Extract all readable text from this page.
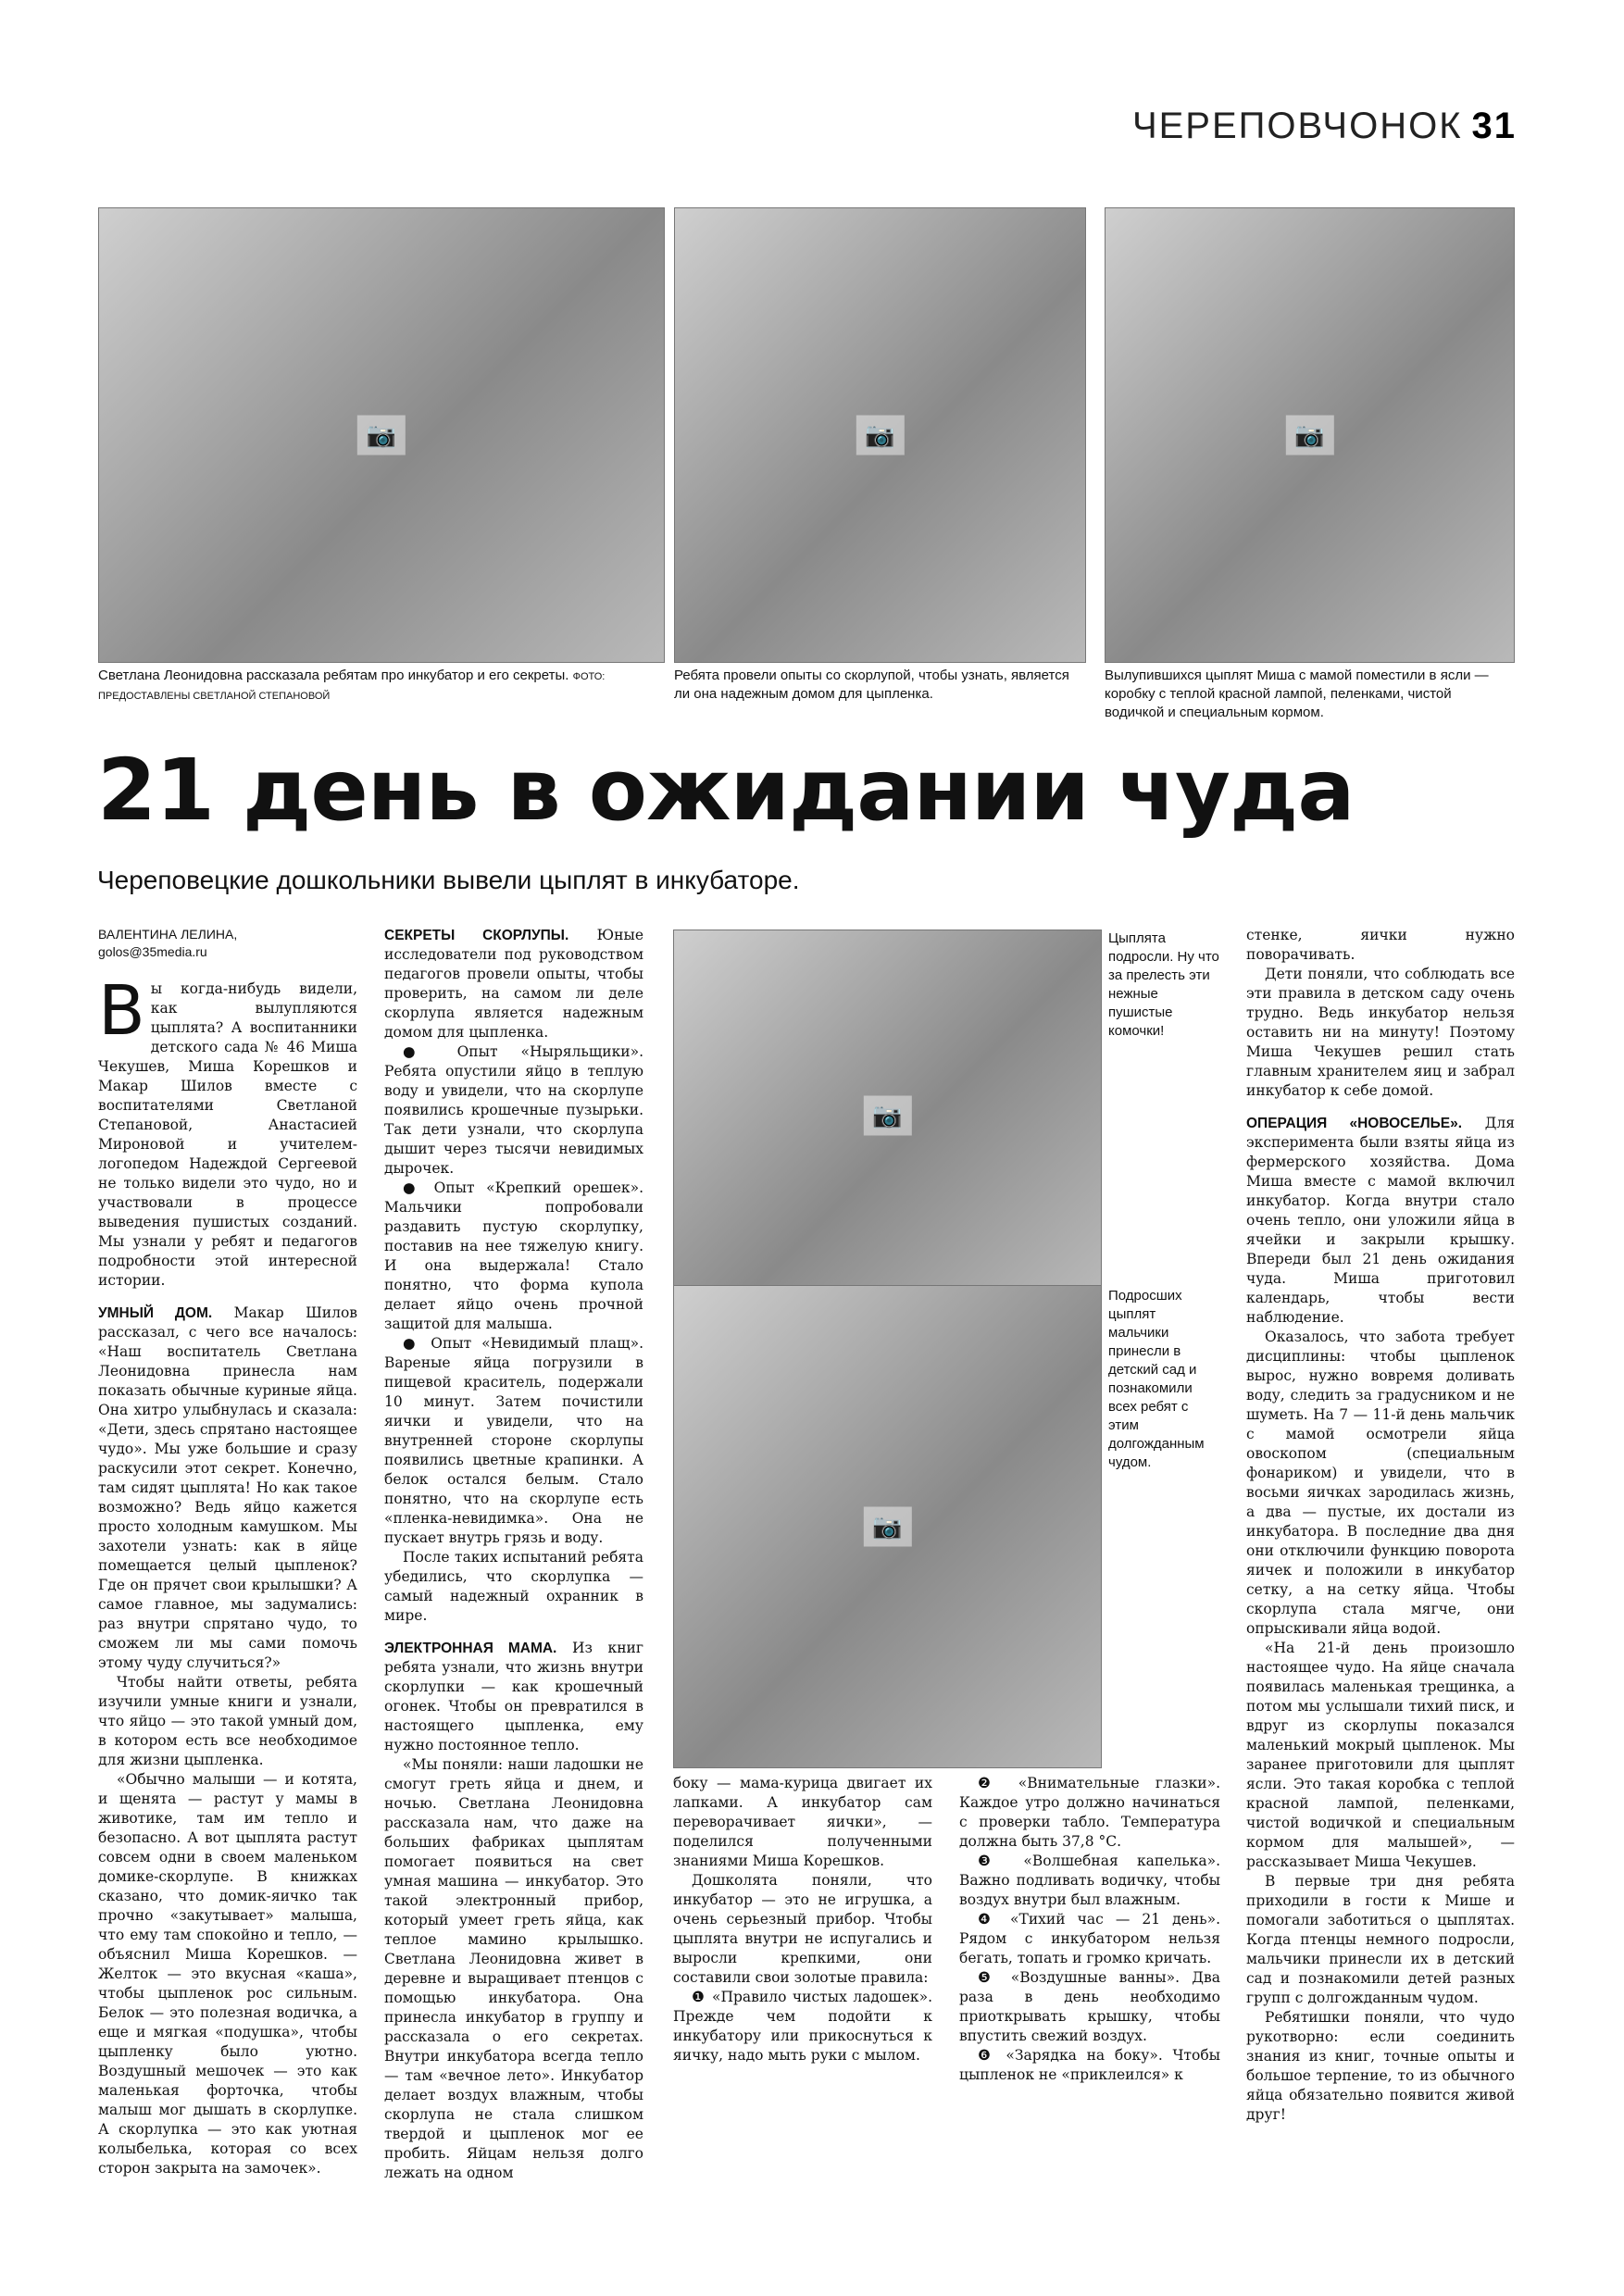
ЧЕРЕПОВЧОНОК 31
📷	📷	📷
Светлана Леонидовна рассказала ребятам про инкубатор и его секреты. ФОТО: ПРЕДОСТАВЛЕНЫ СВЕТЛАНОЙ СТЕПАНОВОЙ
Ребята провели опыты со скорлупой, чтобы узнать, является ли она надежным домом для цыпленка.
Вылупившихся цыплят Миша с мамой поместили в ясли — коробку с теплой красной лампой, пеленками, чистой водичкой и специальным кормом.
21 день в ожидании чуда
Череповецкие дошкольники вывели цыплят в инкубаторе.
ВАЛЕНТИНА ЛЕЛИНА,
golos@35media.ru

Вы когда-нибудь видели, как вылупляются цыплята? А воспитанники детского сада № 46 Миша Чекушев, Миша Корешков и Макар Шилов вместе с воспитателями Светланой Степановой, Анастасией Мироновой и учителем-логопедом Надеждой Сергеевой не только видели это чудо, но и участвовали в процессе выведения пушистых созданий. Мы узнали у ребят и педагогов подробности этой интересной истории.

УМНЫЙ ДОМ. Макар Шилов рассказал, с чего все началось: «Наш воспитатель Светлана Леонидовна принесла нам показать обычные куриные яйца. Она хитро улыбнулась и сказала: «Дети, здесь спрятано настоящее чудо». Мы уже большие и сразу раскусили этот секрет. Конечно, там сидят цыплята! Но как такое возможно? Ведь яйцо кажется просто холодным камушком. Мы захотели узнать: как в яйце помещается целый цыпленок? Где он прячет свои крылышки? А самое главное, мы задумались: раз внутри спрятано чудо, то сможем ли мы сами помочь этому чуду случиться?»

Чтобы найти ответы, ребята изучили умные книги и узнали, что яйцо — это такой умный дом, в котором есть все необходимое для жизни цыпленка.

«Обычно малыши — и котята, и щенята — растут у мамы в животике, там им тепло и безопасно. А вот цыплята растут совсем одни в своем маленьком домике-скорлупе. В книжках сказано, что домик-яичко так прочно «закутывает» малыша, что ему там спокойно и тепло, — объяснил Миша Корешков. — Желток — это вкусная «каша», чтобы цыпленок рос сильным. Белок — это полезная водичка, а еще и мягкая «подушка», чтобы цыпленку было уютно. Воздушный мешочек — это как маленькая форточка, чтобы малыш мог дышать в скорлупке. А скорлупка — это как уютная колыбелька, которая со всех сторон закрыта на замочек».

СЕКРЕТЫ СКОРЛУПЫ. Юные исследователи под руководством педагогов провели опыты, чтобы проверить, на самом ли деле скорлупа является надежным домом для цыпленка.

● Опыт «Ныряльщики». Ребята опустили яйцо в теплую воду и увидели, что на скорлупе появились крошечные пузырьки. Так дети узнали, что скорлупа дышит через тысячи невидимых дырочек.

● Опыт «Крепкий орешек». Мальчики попробовали раздавить пустую скорлупку, поставив на нее тяжелую книгу. И она выдержала! Стало понятно, что форма купола делает яйцо очень прочной защитой для малыша.

● Опыт «Невидимый плащ». Вареные яйца погрузили в пищевой краситель, подержали 10 минут. Затем почистили яички и увидели, что на внутренней стороне скорлупы появились цветные крапинки. А белок остался белым. Стало понятно, что на скорлупе есть «пленка-невидимка». Она не пускает внутрь грязь и воду.

После таких испытаний ребята убедились, что скорлупка — самый надежный охранник в мире.

ЭЛЕКТРОННАЯ МАМА. Из книг ребята узнали, что жизнь внутри скорлупки — как крошечный огонек. Чтобы он превратился в настоящего цыпленка, ему нужно постоянное тепло.

«Мы поняли: наши ладошки не смогут греть яйца и днем, и ночью. Светлана Леонидовна рассказала нам, что даже на больших фабриках цыплятам помогает появиться на свет умная машина — инкубатор. Это такой электронный прибор, который умеет греть яйца, как теплое мамино крылышко. Светлана Леонидовна живет в деревне и выращивает птенцов с помощью инкубатора. Она принесла инкубатор в группу и рассказала о его секретах. Внутри инкубатора всегда тепло — там «вечное лето». Инкубатор делает воздух влажным, чтобы скорлупа не стала слишком твердой и цыпленок мог ее пробить. Яйцам нельзя долго лежать на одном

📷
Цыплята подросли. Ну что за прелесть эти нежные пушистые комочки!
📷
Подросших цыплят мальчики принесли в детский сад и познакомили всех ребят с этим долгожданным чудом.

боку — мама-курица двигает их лапками. А инкубатор сам переворачивает яички», — поделился полученными знаниями Миша Корешков.

Дошколята поняли, что инкубатор — это не игрушка, а очень серьезный прибор. Чтобы цыплята внутри не испугались и выросли крепкими, они составили свои золотые правила:

❶ «Правило чистых ладошек». Прежде чем подойти к инкубатору или прикоснуться к яичку, надо мыть руки с мылом.

❷ «Внимательные глазки». Каждое утро должно начинаться с проверки табло. Температура должна быть 37,8 °С.

❸ «Волшебная капелька». Важно подливать водичку, чтобы воздух внутри был влажным.

❹ «Тихий час — 21 день». Рядом с инкубатором нельзя бегать, топать и громко кричать.

❺ «Воздушные ванны». Два раза в день необходимо приоткрывать крышку, чтобы впустить свежий воздух.

❻ «Зарядка на боку». Чтобы цыпленок не «приклеился» к

стенке, яички нужно поворачивать.

Дети поняли, что соблюдать все эти правила в детском саду очень трудно. Ведь инкубатор нельзя оставить ни на минуту! Поэтому Миша Чекушев решил стать главным хранителем яиц и забрал инкубатор к себе домой.

ОПЕРАЦИЯ «НОВОСЕЛЬЕ». Для эксперимента были взяты яйца из фермерского хозяйства. Дома Миша вместе с мамой включил инкубатор. Когда внутри стало очень тепло, они уложили яйца в ячейки и закрыли крышку. Впереди был 21 день ожидания чуда. Миша приготовил календарь, чтобы вести наблюдение.

Оказалось, что забота требует дисциплины: чтобы цыпленок вырос, нужно вовремя доливать воду, следить за градусником и не шуметь. На 7 — 11-й день мальчик с мамой осмотрели яйца овоскопом (специальным фонариком) и увидели, что в восьми яичках зародилась жизнь, а два — пустые, их достали из инкубатора. В последние два дня они отключили функцию поворота яичек и положили в инкубатор сетку, а на сетку яйца. Чтобы скорлупа стала мягче, они опрыскивали яйца водой.

«На 21-й день произошло настоящее чудо. На яйце сначала появилась маленькая трещинка, а потом мы услышали тихий писк, и вдруг из скорлупы показался маленький мокрый цыпленок. Мы заранее приготовили для цыплят ясли. Это такая коробка с теплой красной лампой, пеленками, чистой водичкой и специальным кормом для малышей», — рассказывает Миша Чекушев.

В первые три дня ребята приходили в гости к Мише и помогали заботиться о цыплятах. Когда птенцы немного подросли, мальчики принесли их в детский сад и познакомили детей разных групп с долгожданным чудом.

Ребятишки поняли, что чудо рукотворно: если соединить знания из книг, точные опыты и большое терпение, то из обычного яйца обязательно появится живой друг!
